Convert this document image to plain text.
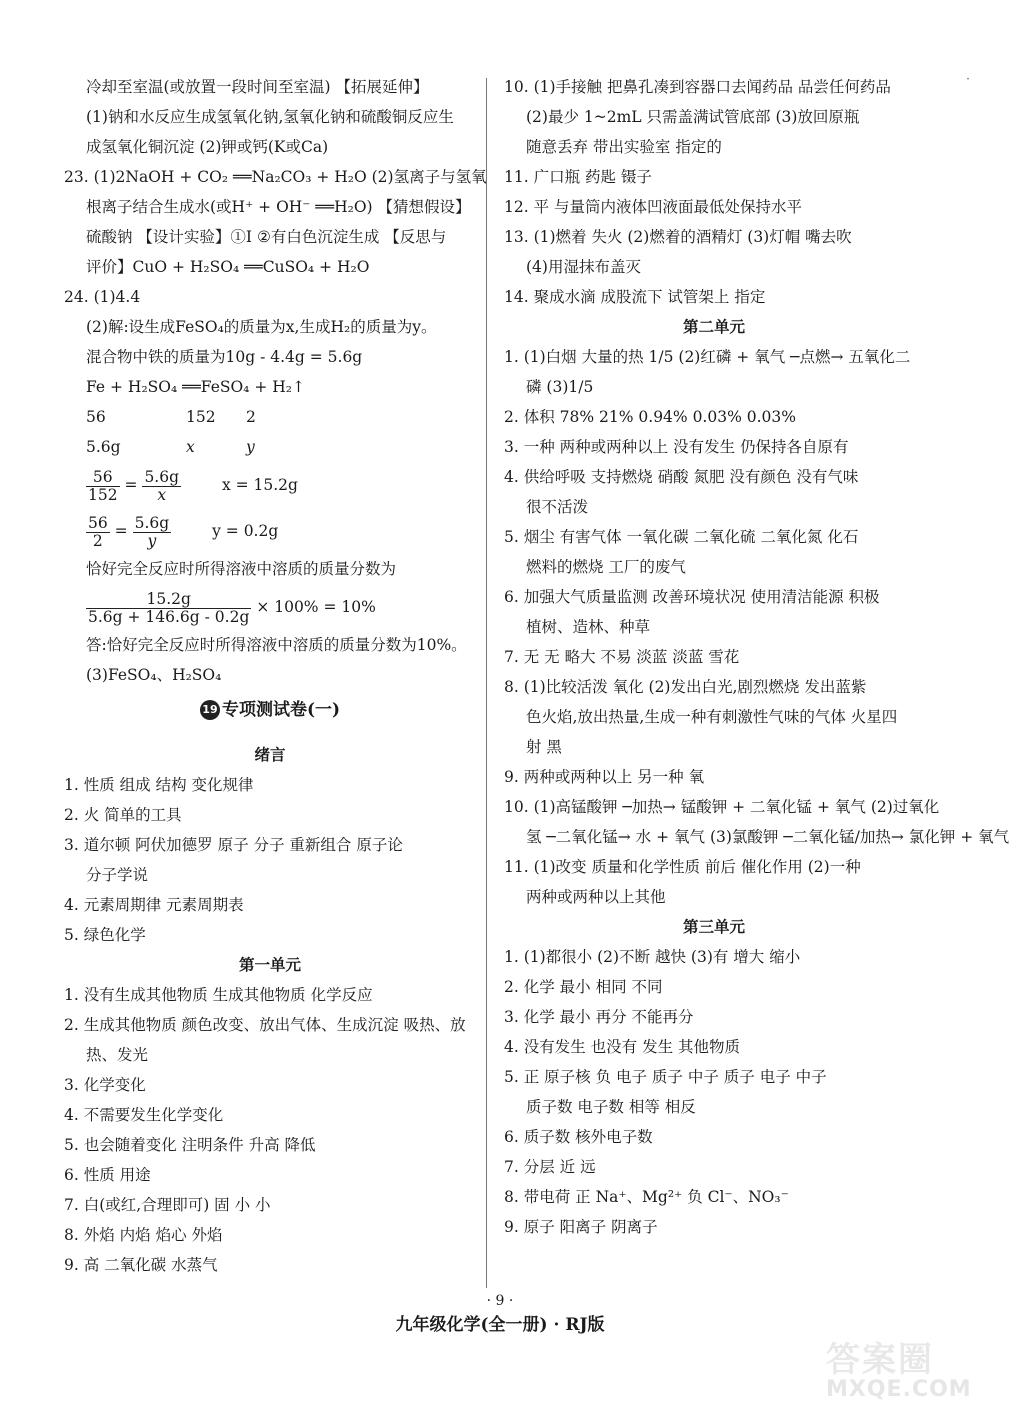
·
冷却至室温(或放置一段时间至室温) 【拓展延伸】
(1)钠和水反应生成氢氧化钠,氢氧化钠和硫酸铜反应生
成氢氧化铜沉淀 (2)钾或钙(K或Ca)
23. (1)2NaOH + CO₂ ══Na₂CO₃ + H₂O (2)氢离子与氢氧
根离子结合生成水(或H⁺ + OH⁻ ══H₂O) 【猜想假设】
硫酸钠 【设计实验】①Ⅰ ②有白色沉淀生成 【反思与
评价】CuO + H₂SO₄ ══CuSO₄ + H₂O
24. (1)4.4
(2)解:设生成FeSO₄的质量为x,生成H₂的质量为y。
混合物中铁的质量为10g - 4.4g = 5.6g
Fe + H₂SO₄ ══FeSO₄ + H₂↑
56	152 2
5.6g	x	y
$\frac{56}{152} = \frac{5.6g}{x}$	x = 15.2g
$\frac{56}{2} = \frac{5.6g}{y}$	y = 0.2g
恰好完全反应时所得溶液中溶质的质量分数为
$\frac{15.2g}{5.6g + 146.6g - 0.2g} \times 100\% = 10\%$
答:恰好完全反应时所得溶液中溶质的质量分数为10%。
(3)FeSO₄、H₂SO₄
19 专项测试卷(一)
绪言
1. 性质 组成 结构 变化规律
2. 火 简单的工具
3. 道尔顿 阿伏加德罗 原子 分子 重新组合 原子论
分子学说
4. 元素周期律 元素周期表
5. 绿色化学
第一单元
1. 没有生成其他物质 生成其他物质 化学反应
2. 生成其他物质 颜色改变、放出气体、生成沉淀 吸热、放
热、发光
3. 化学变化
4. 不需要发生化学变化
5. 也会随着变化 注明条件 升高 降低
6. 性质 用途
7. 白(或红,合理即可) 固 小 小
8. 外焰 内焰 焰心 外焰
9. 高 二氧化碳 水蒸气
10. (1)手接触 把鼻孔凑到容器口去闻药品 品尝任何药品
(2)最少 1~2mL 只需盖满试管底部 (3)放回原瓶
随意丢弃 带出实验室 指定的
11. 广口瓶 药匙 镊子
12. 平 与量筒内液体凹液面最低处保持水平
13. (1)燃着 失火 (2)燃着的酒精灯 (3)灯帽 嘴去吹
(4)用湿抹布盖灭
14. 聚成水滴 成股流下 试管架上 指定
第二单元
1. (1)白烟 大量的热 1/5 (2)红磷 + 氧气 ─点燃→ 五氧化二
磷 (3)1/5
2. 体积 78% 21% 0.94% 0.03% 0.03%
3. 一种 两种或两种以上 没有发生 仍保持各自原有
4. 供给呼吸 支持燃烧 硝酸 氮肥 没有颜色 没有气味
很不活泼
5. 烟尘 有害气体 一氧化碳 二氧化硫 二氧化氮 化石
燃料的燃烧 工厂的废气
6. 加强大气质量监测 改善环境状况 使用清洁能源 积极
植树、造林、种草
7. 无 无 略大 不易 淡蓝 淡蓝 雪花
8. (1)比较活泼 氧化 (2)发出白光,剧烈燃烧 发出蓝紫
色火焰,放出热量,生成一种有刺激性气味的气体 火星四
射 黑
9. 两种或两种以上 另一种 氧
10. (1)高锰酸钾 ─加热→ 锰酸钾 + 二氧化锰 + 氧气 (2)过氧化
氢 ─二氧化锰→ 水 + 氧气 (3)氯酸钾 ─二氧化锰/加热→ 氯化钾 + 氧气
11. (1)改变 质量和化学性质 前后 催化作用 (2)一种
两种或两种以上其他
第三单元
1. (1)都很小 (2)不断 越快 (3)有 增大 缩小
2. 化学 最小 相同 不同
3. 化学 最小 再分 不能再分
4. 没有发生 也没有 发生 其他物质
5. 正 原子核 负 电子 质子 中子 质子 电子 中子
质子数 电子数 相等 相反
6. 质子数 核外电子数
7. 分层 近 远
8. 带电荷 正 Na⁺、Mg²⁺ 负 Cl⁻、NO₃⁻
9. 原子 阳离子 阴离子
· 9 ·
九年级化学(全一册) · RJ版
答案圈
MXQE.COM
